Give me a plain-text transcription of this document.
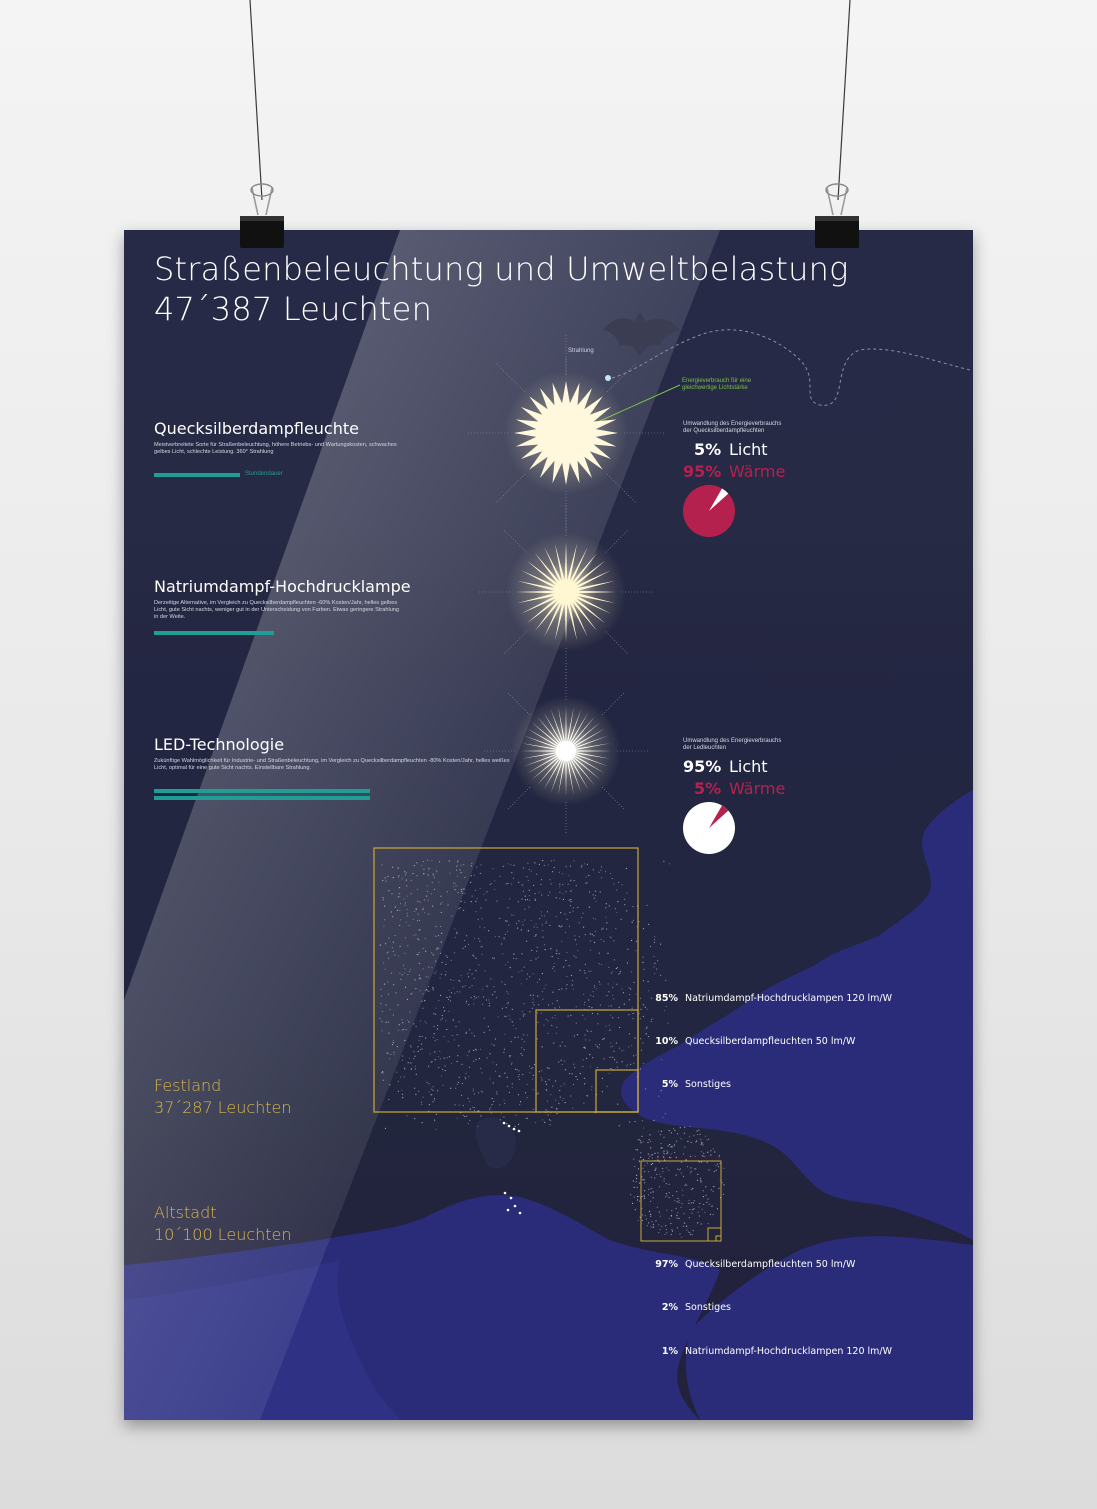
Straßenbeleuchtung und Umweltbelastung
47´387 Leuchten
Strahlung
Energieverbrauch für eine gleichwertige Lichtstärke
Quecksilberdampfleuchte
Meistverbreitete Sorte für Straßenbeleuchtung, höhere Betriebs- und Wartungskosten, schwaches gelbes Licht, schlechte Leistung. 360° Strahlung
Stundendauer
Natriumdampf-Hochdrucklampe
Derzeitige Alternative, im Vergleich zu Quecksilberdampfleuchten -60% Kosten/Jahr, helles gelbes Licht, gute Sicht nachts, weniger gut in der Unterscheidung von Farben. Etwas geringere Strahlung in der Weite.
LED-Technologie
Zukünftige Wahlmöglichkeit für Industrie- und Straßenbeleuchtung, im Vergleich zu Quecksilberdampfleuchten -80% Kosten/Jahr, helles weißes Licht, optimal für eine gute Sicht nachts. Einstellbare Strahlung.
Umwandlung des Energieverbrauchs der Quecksilberdampfleuchten
5% Licht
95% Wärme
Umwandlung des Energieverbrauchs der Ledleuchten
95% Licht
5% Wärme
Festland
37´287 Leuchten
85% Natriumdampf-Hochdrucklampen 120 lm/W
10% Quecksilberdampfleuchten 50 lm/W
5% Sonstiges
Altstadt
10´100 Leuchten
97% Quecksilberdampfleuchten 50 lm/W
2% Sonstiges
1% Natriumdampf-Hochdrucklampen 120 lm/W
